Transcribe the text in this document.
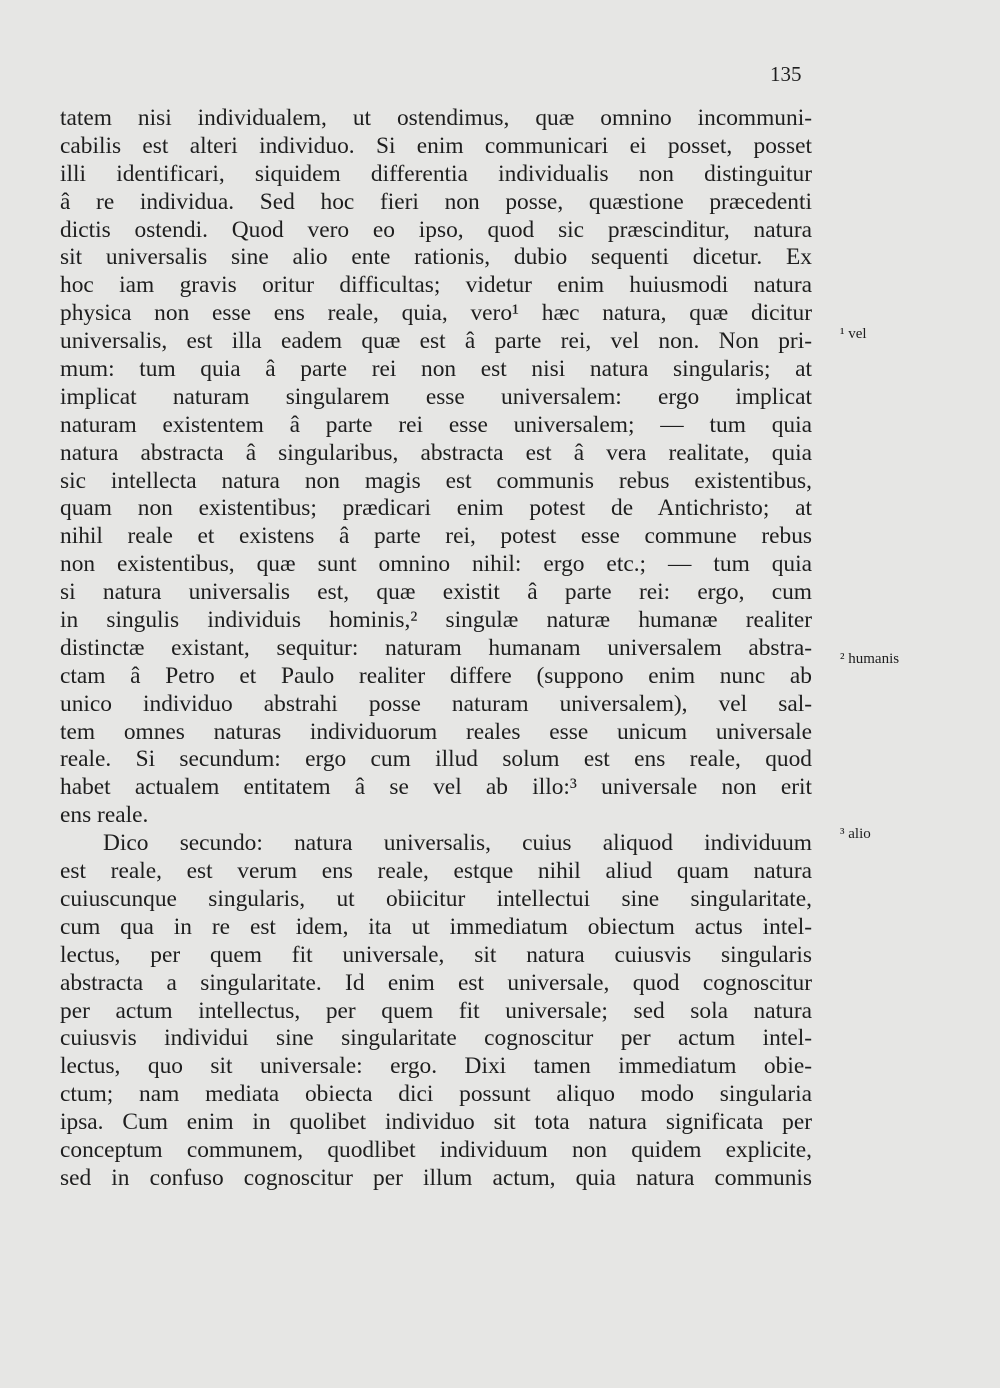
135
tatem nisi individualem, ut ostendimus, quæ omnino incommuni-
cabilis est alteri individuo. Si enim communicari ei posset, posset
illi identificari, siquidem differentia individualis non distinguitur
â re individua. Sed hoc fieri non posse, quæstione præcedenti
dictis ostendi. Quod vero eo ipso, quod sic præscinditur, natura
sit universalis sine alio ente rationis, dubio sequenti dicetur. Ex
hoc iam gravis oritur difficultas; videtur enim huiusmodi natura
physica non esse ens reale, quia, vero¹ hæc natura, quæ dicitur
universalis, est illa eadem quæ est â parte rei, vel non. Non pri-
mum: tum quia â parte rei non est nisi natura singularis; at
implicat naturam singularem esse universalem: ergo implicat
naturam existentem â parte rei esse universalem; — tum quia
natura abstracta â singularibus, abstracta est â vera realitate, quia
sic intellecta natura non magis est communis rebus existentibus,
quam non existentibus; prædicari enim potest de Antichristo; at
nihil reale et existens â parte rei, potest esse commune rebus
non existentibus, quæ sunt omnino nihil: ergo etc.; — tum quia
si natura universalis est, quæ existit â parte rei: ergo, cum
in singulis individuis hominis,² singulæ naturæ humanæ realiter
distinctæ existant, sequitur: naturam humanam universalem abstra-
ctam â Petro et Paulo realiter differe (suppono enim nunc ab
unico individuo abstrahi posse naturam universalem), vel sal-
tem omnes naturas individuorum reales esse unicum universale
reale. Si secundum: ergo cum illud solum est ens reale, quod
habet actualem entitatem â se vel ab illo:³ universale non erit
ens reale.
Dico secundo: natura universalis, cuius aliquod individuum
est reale, est verum ens reale, estque nihil aliud quam natura
cuiuscunque singularis, ut obiicitur intellectui sine singularitate,
cum qua in re est idem, ita ut immediatum obiectum actus intel-
lectus, per quem fit universale, sit natura cuiusvis singularis
abstracta a singularitate. Id enim est universale, quod cognoscitur
per actum intellectus, per quem fit universale; sed sola natura
cuiusvis individui sine singularitate cognoscitur per actum intel-
lectus, quo sit universale: ergo. Dixi tamen immediatum obie-
ctum; nam mediata obiecta dici possunt aliquo modo singularia
ipsa. Cum enim in quolibet individuo sit tota natura significata per
conceptum communem, quodlibet individuum non quidem explicite,
sed in confuso cognoscitur per illum actum, quia natura communis
¹ vel
² humanis
³ alio
